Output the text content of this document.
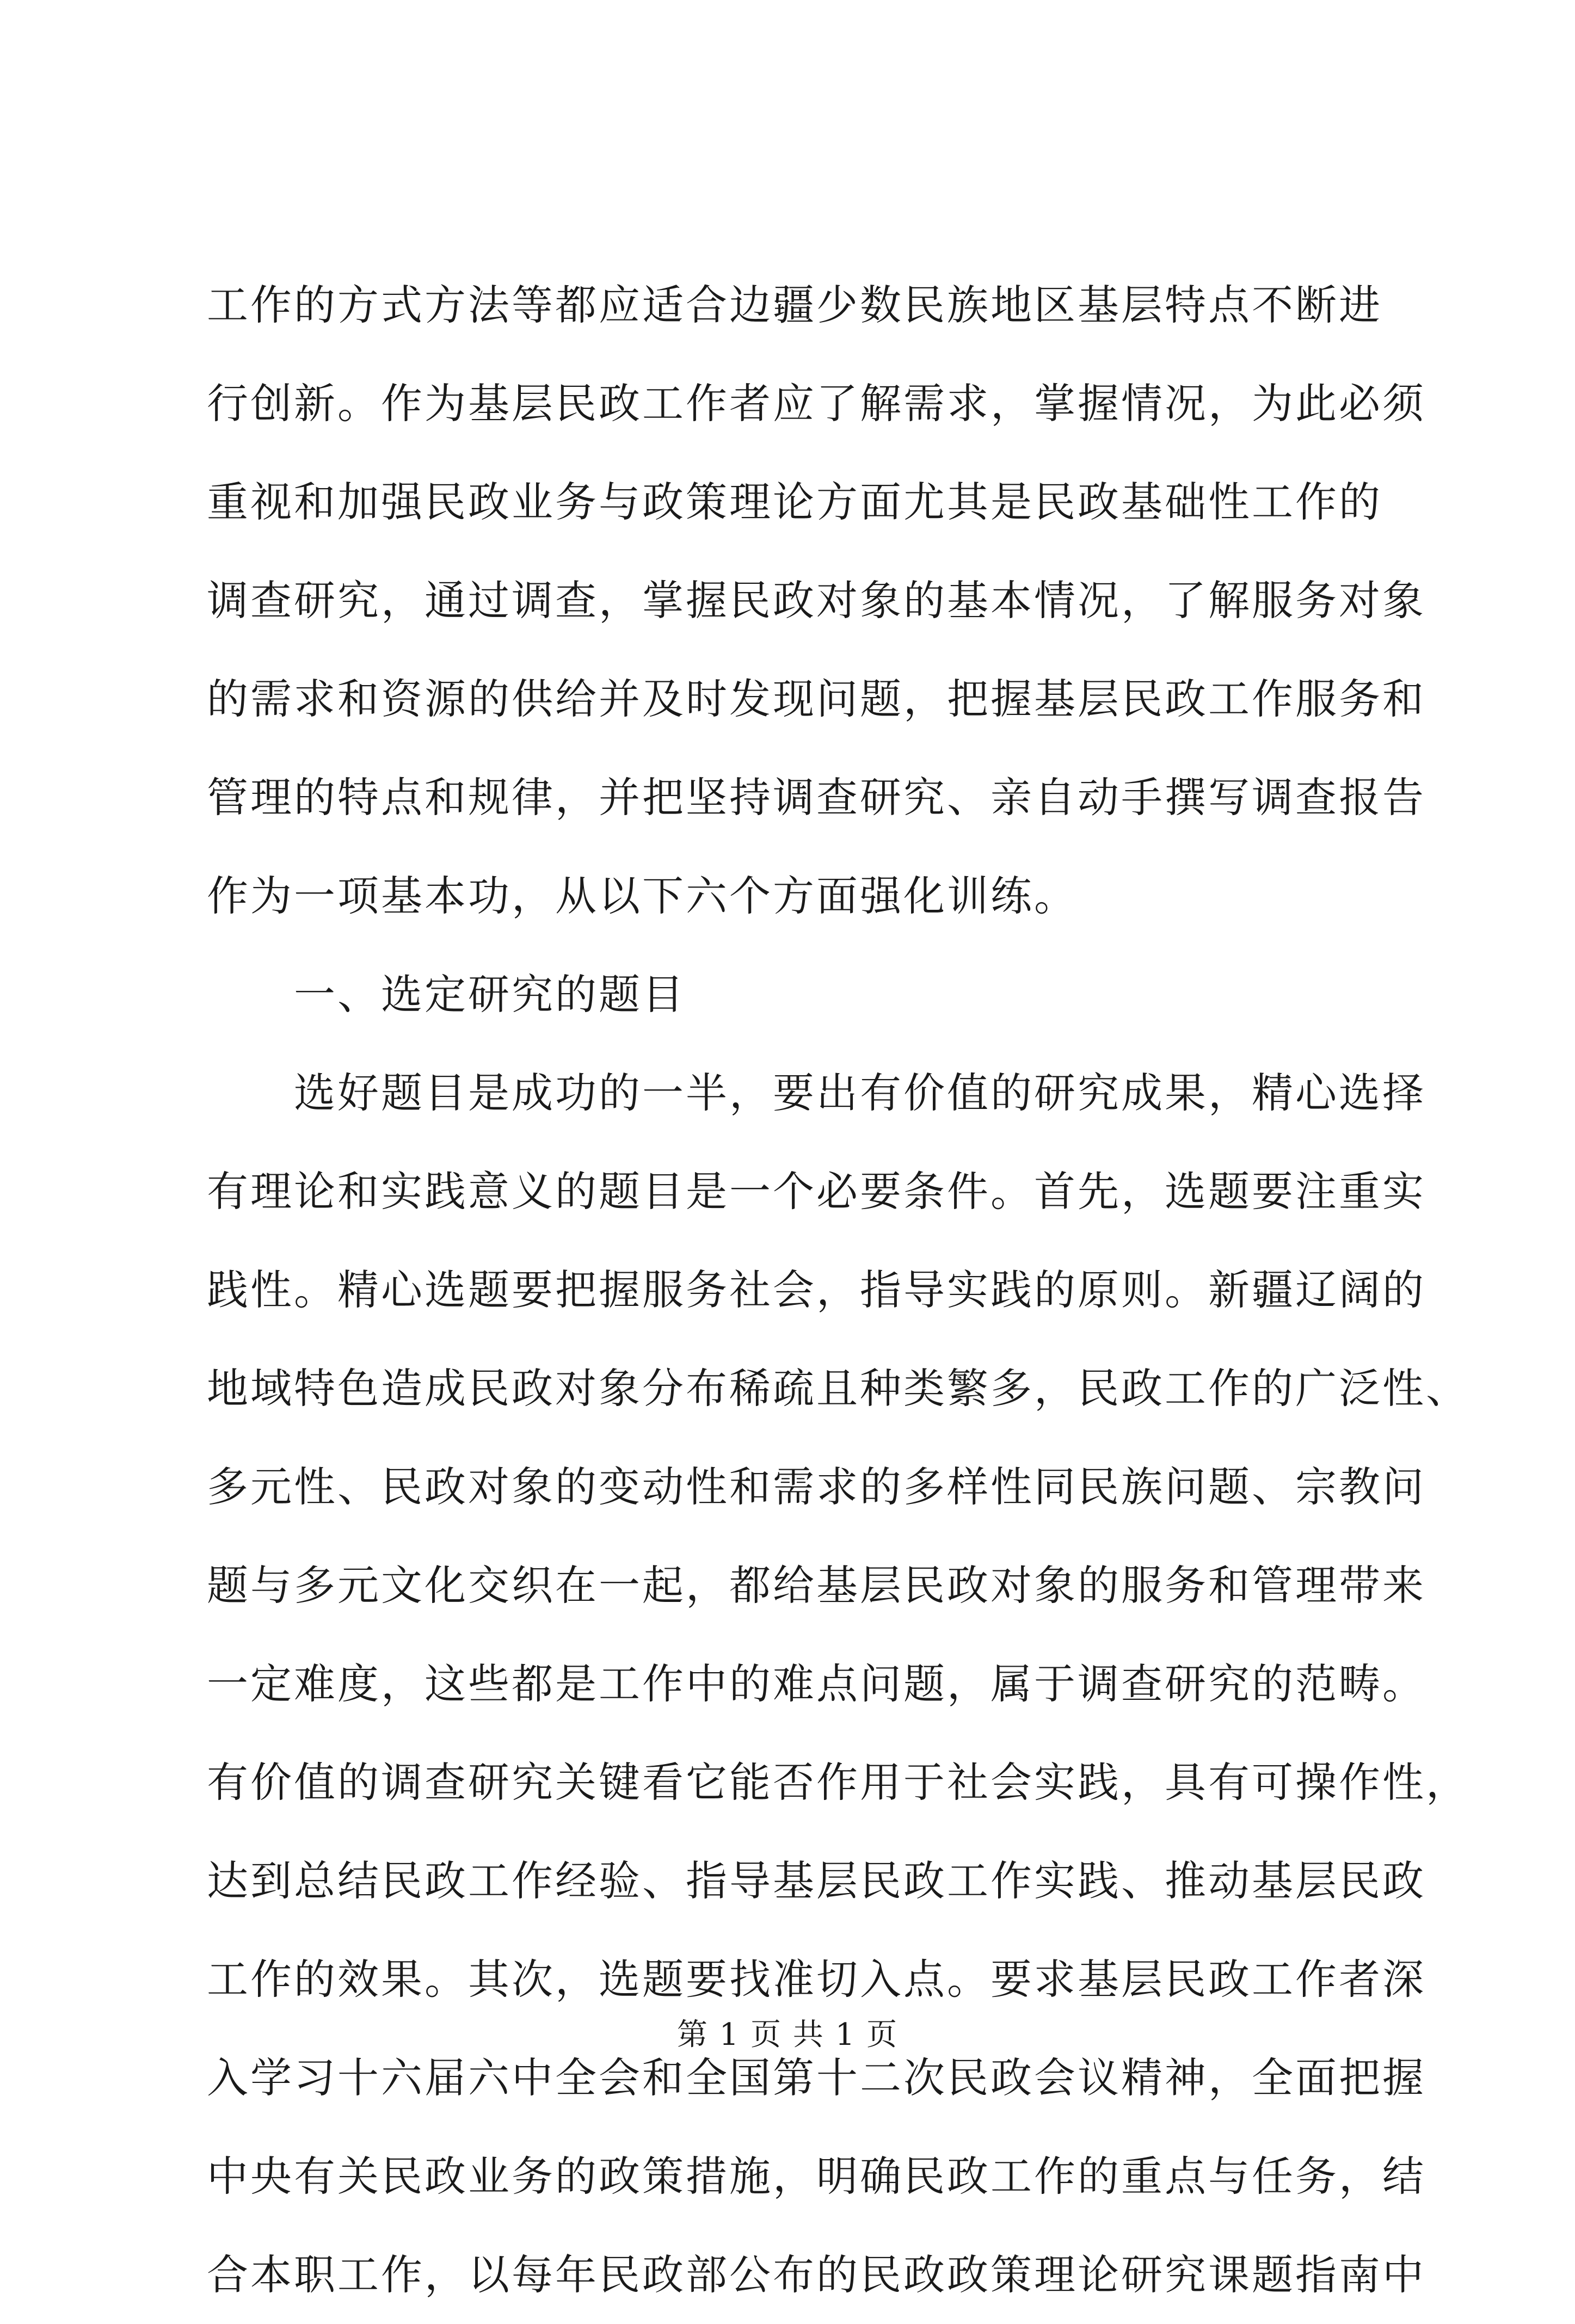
工作的方式方法等都应适合边疆少数民族地区基层特点不断进
行创新。作为基层民政工作者应了解需求，掌握情况，为此必须
重视和加强民政业务与政策理论方面尤其是民政基础性工作的
调查研究，通过调查，掌握民政对象的基本情况，了解服务对象
的需求和资源的供给并及时发现问题，把握基层民政工作服务和
管理的特点和规律，并把坚持调查研究、亲自动手撰写调查报告
作为一项基本功，从以下六个方面强化训练。
一、选定研究的题目
选好题目是成功的一半，要出有价值的研究成果，精心选择
有理论和实践意义的题目是一个必要条件。首先，选题要注重实
践性。精心选题要把握服务社会，指导实践的原则。新疆辽阔的
地域特色造成民政对象分布稀疏且种类繁多，民政工作的广泛性、
多元性、民政对象的变动性和需求的多样性同民族问题、宗教问
题与多元文化交织在一起，都给基层民政对象的服务和管理带来
一定难度，这些都是工作中的难点问题，属于调查研究的范畴。
有价值的调查研究关键看它能否作用于社会实践，具有可操作性，
达到总结民政工作经验、指导基层民政工作实践、推动基层民政
工作的效果。其次，选题要找准切入点。要求基层民政工作者深
入学习十六届六中全会和全国第十二次民政会议精神，全面把握
中央有关民政业务的政策措施，明确民政工作的重点与任务，结
合本职工作，以每年民政部公布的民政政策理论研究课题指南中
第 1 页 共 1 页
